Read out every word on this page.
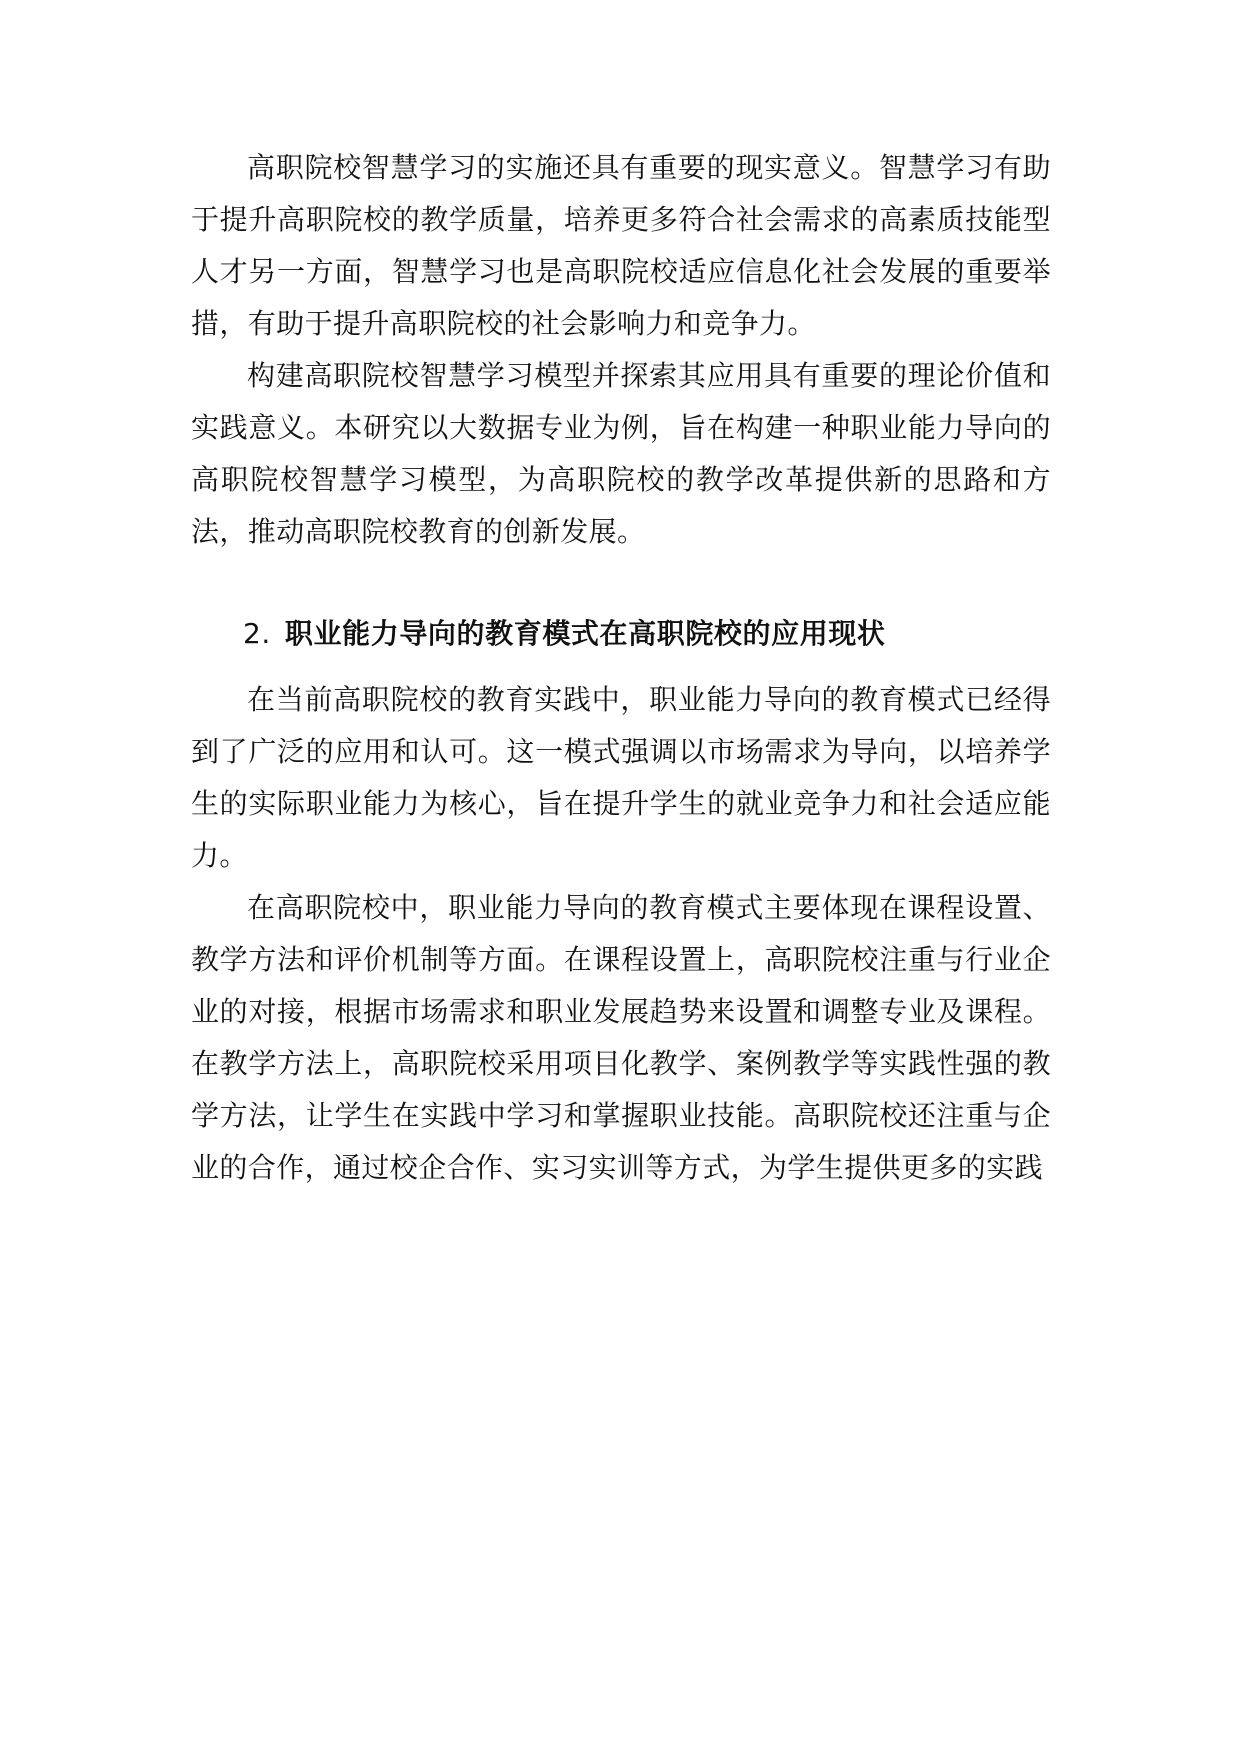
高职院校智慧学习的实施还具有重要的现实意义。智慧学习有助于提升高职院校的教学质量，培养更多符合社会需求的高素质技能型人才另一方面，智慧学习也是高职院校适应信息化社会发展的重要举措，有助于提升高职院校的社会影响力和竞争力。

构建高职院校智慧学习模型并探索其应用具有重要的理论价值和实践意义。本研究以大数据专业为例，旨在构建一种职业能力导向的高职院校智慧学习模型，为高职院校的教学改革提供新的思路和方法，推动高职院校教育的创新发展。

2. 职业能力导向的教育模式在高职院校的应用现状

在当前高职院校的教育实践中，职业能力导向的教育模式已经得到了广泛的应用和认可。这一模式强调以市场需求为导向，以培养学生的实际职业能力为核心，旨在提升学生的就业竞争力和社会适应能力。

在高职院校中，职业能力导向的教育模式主要体现在课程设置、教学方法和评价机制等方面。在课程设置上，高职院校注重与行业企业的对接，根据市场需求和职业发展趋势来设置和调整专业及课程。在教学方法上，高职院校采用项目化教学、案例教学等实践性强的教学方法，让学生在实践中学习和掌握职业技能。高职院校还注重与企业的合作，通过校企合作、实习实训等方式，为学生提供更多的实践
